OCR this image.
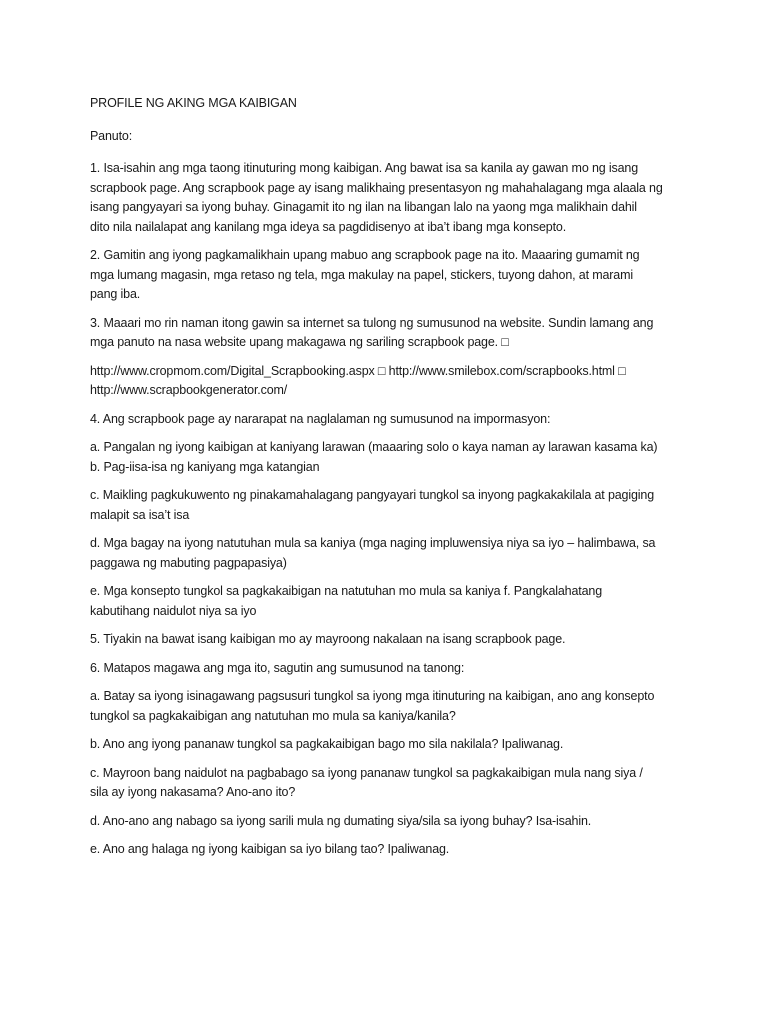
PROFILE NG AKING MGA KAIBIGAN
Panuto:
1. Isa-isahin ang mga taong itinuturing mong kaibigan. Ang bawat isa sa kanila ay gawan mo ng isang
scrapbook page. Ang scrapbook page ay isang malikhaing presentasyon ng mahahalagang mga alaala ng
isang pangyayari sa iyong buhay. Ginagamit ito ng ilan na libangan lalo na yaong mga malikhain dahil
dito nila nailalapat ang kanilang mga ideya sa pagdidisenyo at iba’t ibang mga konsepto.
2. Gamitin ang iyong pagkamalikhain upang mabuo ang scrapbook page na ito. Maaaring gumamit ng
mga lumang magasin, mga retaso ng tela, mga makulay na papel, stickers, tuyong dahon, at marami
pang iba.
3. Maaari mo rin naman itong gawin sa internet sa tulong ng sumusunod na website. Sundin lamang ang
mga panuto na nasa website upang makagawa ng sariling scrapbook page. □
http://www.cropmom.com/Digital_Scrapbooking.aspx □ http://www.smilebox.com/scrapbooks.html □
http://www.scrapbookgenerator.com/
4. Ang scrapbook page ay nararapat na naglalaman ng sumusunod na impormasyon:
a. Pangalan ng iyong kaibigan at kaniyang larawan (maaaring solo o kaya naman ay larawan kasama ka)
b. Pag-iisa-isa ng kaniyang mga katangian
c. Maikling pagkukuwento ng pinakamahalagang pangyayari tungkol sa inyong pagkakakilala at pagiging
malapit sa isa’t isa
d. Mga bagay na iyong natutuhan mula sa kaniya (mga naging impluwensiya niya sa iyo – halimbawa, sa
paggawa ng mabuting pagpapasiya)
e. Mga konsepto tungkol sa pagkakaibigan na natutuhan mo mula sa kaniya f. Pangkalahatang
kabutihang naidulot niya sa iyo
5. Tiyakin na bawat isang kaibigan mo ay mayroong nakalaan na isang scrapbook page.
6. Matapos magawa ang mga ito, sagutin ang sumusunod na tanong:
a. Batay sa iyong isinagawang pagsusuri tungkol sa iyong mga itinuturing na kaibigan, ano ang konsepto
tungkol sa pagkakaibigan ang natutuhan mo mula sa kaniya/kanila?
b. Ano ang iyong pananaw tungkol sa pagkakaibigan bago mo sila nakilala? Ipaliwanag.
c. Mayroon bang naidulot na pagbabago sa iyong pananaw tungkol sa pagkakaibigan mula nang siya /
sila ay iyong nakasama? Ano-ano ito?
d. Ano-ano ang nabago sa iyong sarili mula ng dumating siya/sila sa iyong buhay? Isa-isahin.
e. Ano ang halaga ng iyong kaibigan sa iyo bilang tao? Ipaliwanag.
